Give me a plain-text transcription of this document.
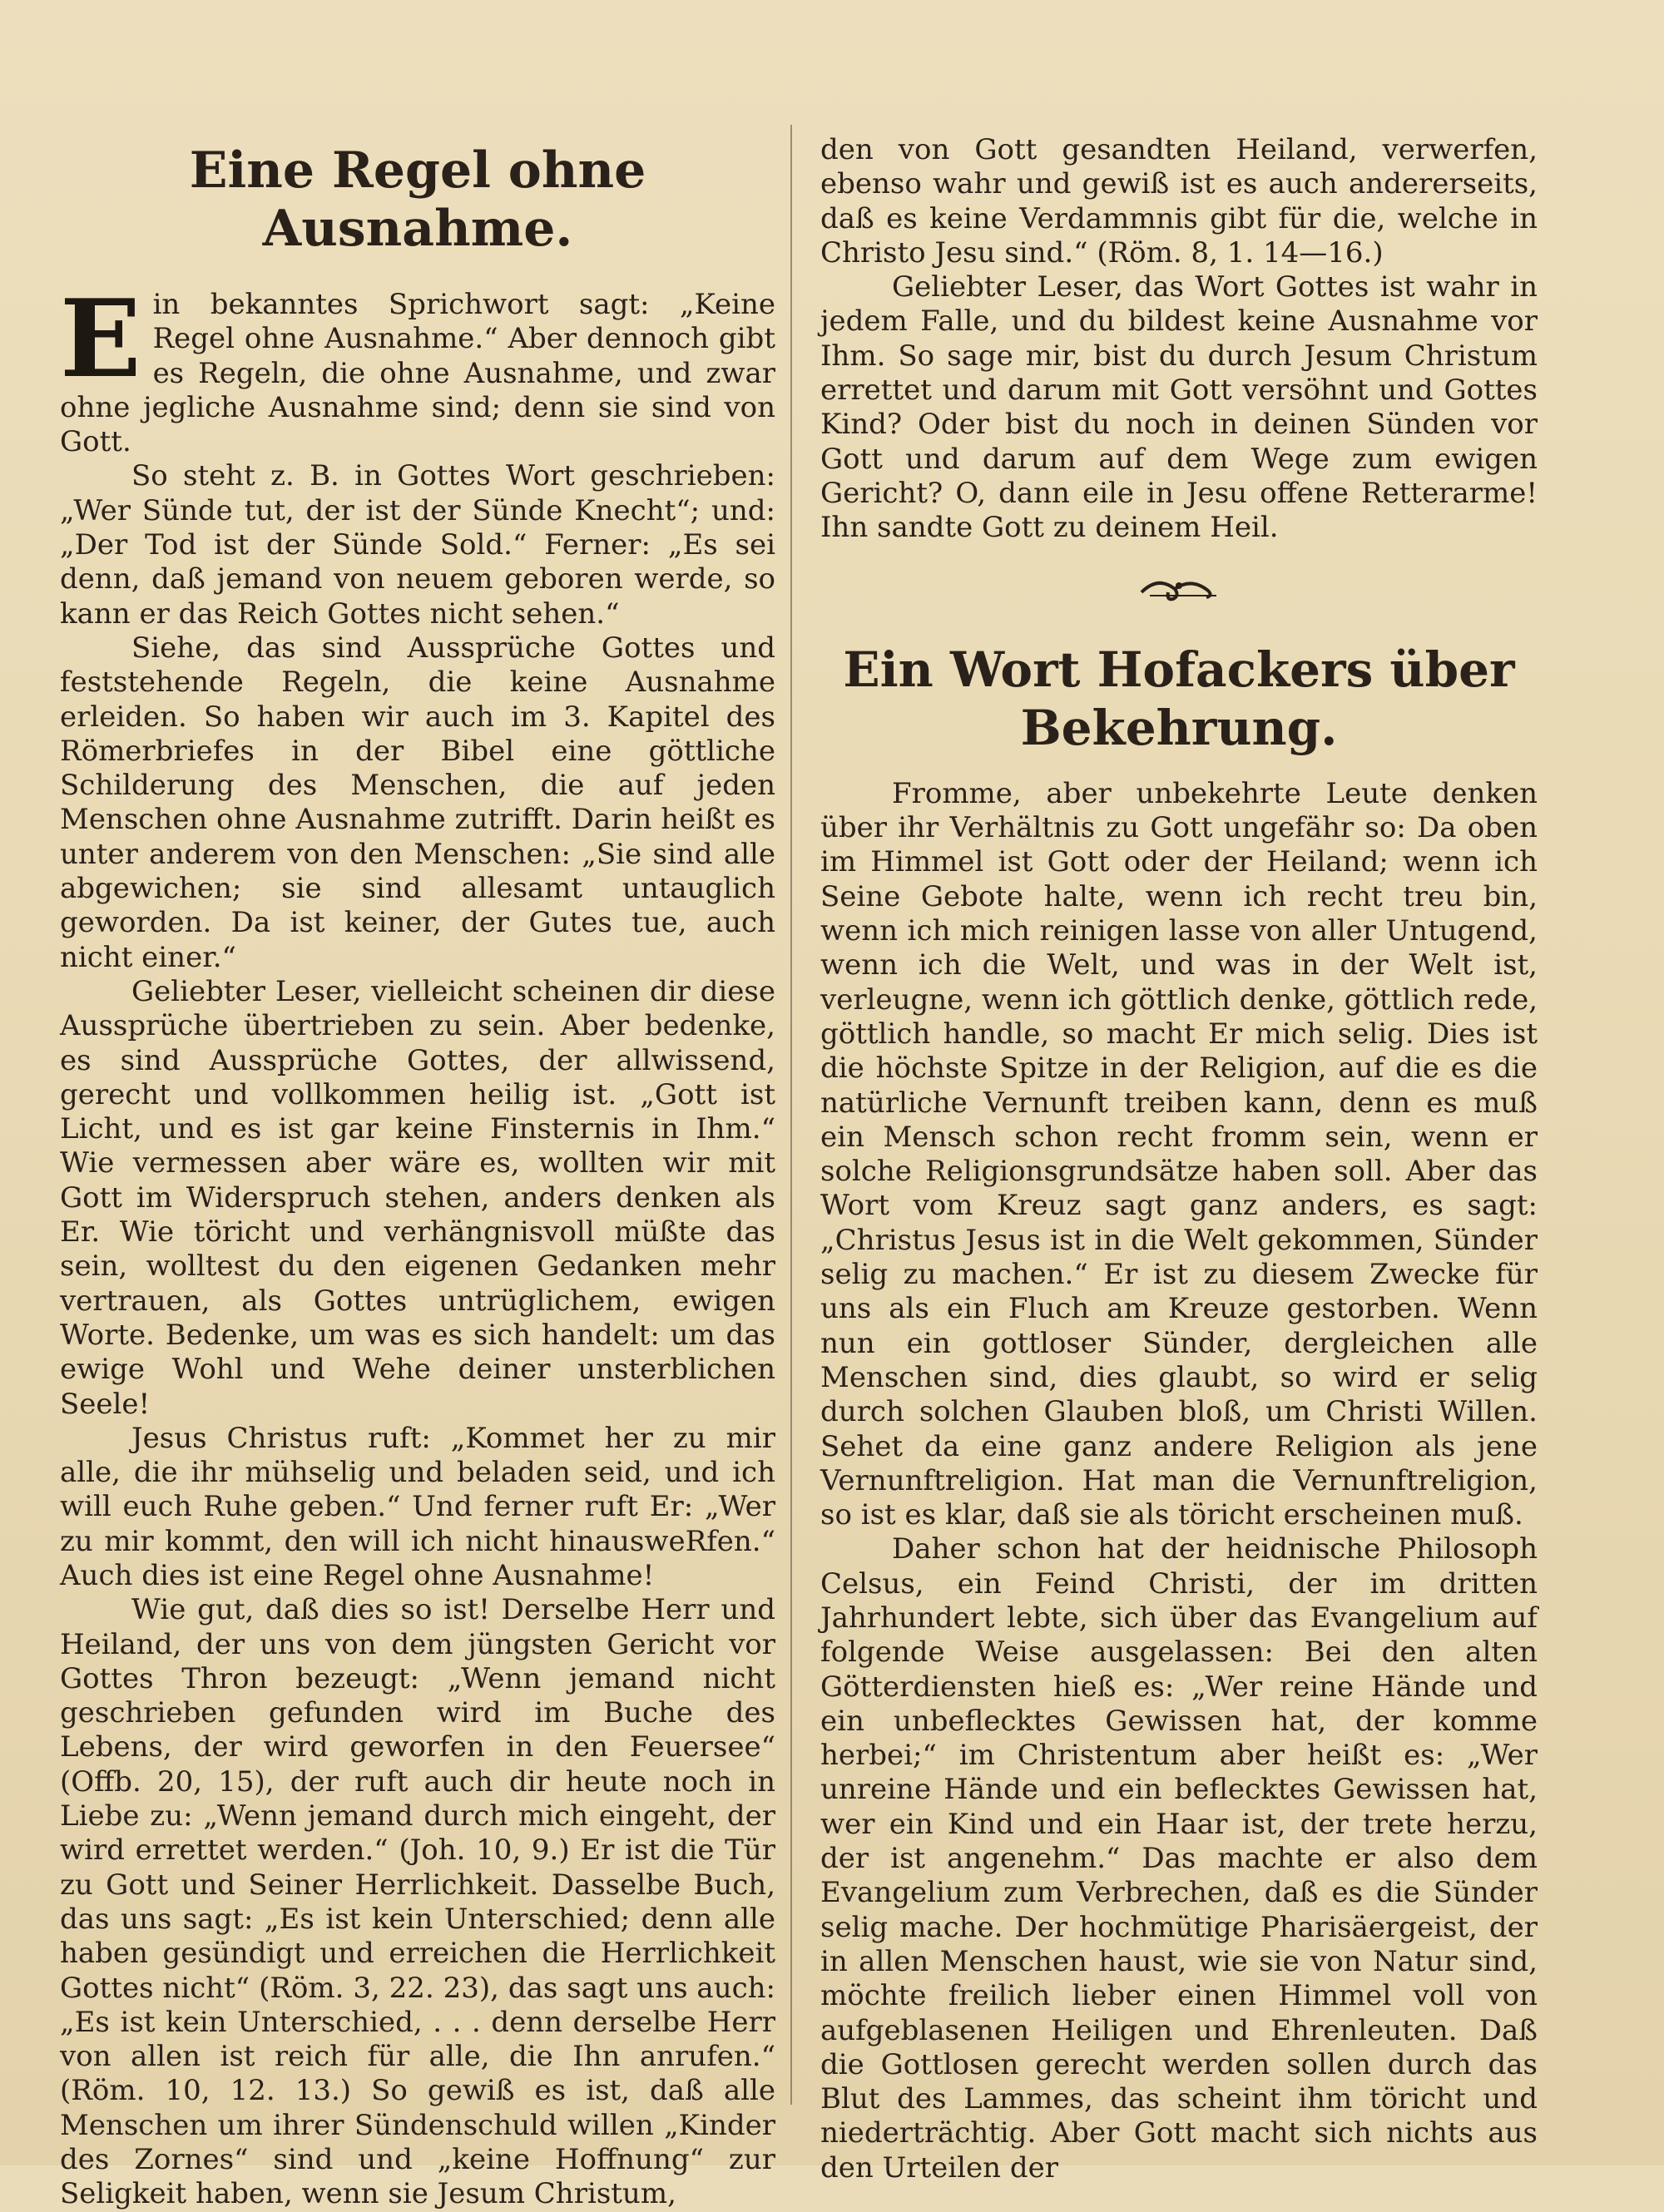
Eine Regel ohne Ausnahme.

Ein bekanntes Sprichwort sagt: „Keine Regel ohne Ausnahme.“ Aber dennoch gibt es Regeln, die ohne Ausnahme, und zwar ohne jegliche Ausnahme sind; denn sie sind von Gott.

So steht z. B. in Gottes Wort geschrieben: „Wer Sünde tut, der ist der Sünde Knecht“; und: „Der Tod ist der Sünde Sold.“ Ferner: „Es sei denn, daß jemand von neuem geboren werde, so kann er das Reich Gottes nicht sehen.“

Siehe, das sind Aussprüche Gottes und feststehende Regeln, die keine Ausnahme erleiden. So haben wir auch im 3. Kapitel des Römerbriefes in der Bibel eine göttliche Schilderung des Menschen, die auf jeden Menschen ohne Ausnahme zutrifft. Darin heißt es unter anderem von den Menschen: „Sie sind alle abgewichen; sie sind allesamt untauglich geworden. Da ist keiner, der Gutes tue, auch nicht einer.“

Geliebter Leser, vielleicht scheinen dir diese Aussprüche übertrieben zu sein. Aber bedenke, es sind Aussprüche Gottes, der allwissend, gerecht und vollkommen heilig ist. „Gott ist Licht, und es ist gar keine Finsternis in Ihm.“ Wie vermessen aber wäre es, wollten wir mit Gott im Widerspruch stehen, anders denken als Er. Wie töricht und verhängnisvoll müßte das sein, wolltest du den eigenen Gedanken mehr vertrauen, als Gottes untrüglichem, ewigen Worte. Bedenke, um was es sich handelt: um das ewige Wohl und Wehe deiner unsterblichen Seele!

Jesus Christus ruft: „Kommet her zu mir alle, die ihr mühselig und beladen seid, und ich will euch Ruhe geben.“ Und ferner ruft Er: „Wer zu mir kommt, den will ich nicht hinausweRfen.“ Auch dies ist eine Regel ohne Ausnahme!

Wie gut, daß dies so ist! Derselbe Herr und Heiland, der uns von dem jüngsten Gericht vor Gottes Thron bezeugt: „Wenn jemand nicht geschrieben gefunden wird im Buche des Lebens, der wird geworfen in den Feuersee“ (Offb. 20, 15), der ruft auch dir heute noch in Liebe zu: „Wenn jemand durch mich eingeht, der wird errettet werden.“ (Joh. 10, 9.) Er ist die Tür zu Gott und Seiner Herrlichkeit. Dasselbe Buch, das uns sagt: „Es ist kein Unterschied; denn alle haben gesündigt und erreichen die Herrlichkeit Gottes nicht“ (Röm. 3, 22. 23), das sagt uns auch: „Es ist kein Unterschied, . . . denn derselbe Herr von allen ist reich für alle, die Ihn anrufen.“ (Röm. 10, 12. 13.) So gewiß es ist, daß alle Menschen um ihrer Sündenschuld willen „Kinder des Zornes“ sind und „keine Hoffnung“ zur Seligkeit haben, wenn sie Jesum Christum,

den von Gott gesandten Heiland, verwerfen, ebenso wahr und gewiß ist es auch andererseits, daß es keine Verdammnis gibt für die, welche in Christo Jesu sind.“ (Röm. 8, 1. 14—16.)

Geliebter Leser, das Wort Gottes ist wahr in jedem Falle, und du bildest keine Ausnahme vor Ihm. So sage mir, bist du durch Jesum Christum errettet und darum mit Gott versöhnt und Gottes Kind? Oder bist du noch in deinen Sünden vor Gott und darum auf dem Wege zum ewigen Gericht? O, dann eile in Jesu offene Retterarme! Ihn sandte Gott zu deinem Heil.

Ein Wort Hofackers über Bekehrung.

Fromme, aber unbekehrte Leute denken über ihr Verhältnis zu Gott ungefähr so: Da oben im Himmel ist Gott oder der Heiland; wenn ich Seine Gebote halte, wenn ich recht treu bin, wenn ich mich reinigen lasse von aller Untugend, wenn ich die Welt, und was in der Welt ist, verleugne, wenn ich göttlich denke, göttlich rede, göttlich handle, so macht Er mich selig. Dies ist die höchste Spitze in der Religion, auf die es die natürliche Vernunft treiben kann, denn es muß ein Mensch schon recht fromm sein, wenn er solche Religionsgrundsätze haben soll. Aber das Wort vom Kreuz sagt ganz anders, es sagt: „Christus Jesus ist in die Welt gekommen, Sünder selig zu machen.“ Er ist zu diesem Zwecke für uns als ein Fluch am Kreuze gestorben. Wenn nun ein gottloser Sünder, dergleichen alle Menschen sind, dies glaubt, so wird er selig durch solchen Glauben bloß, um Christi Willen. Sehet da eine ganz andere Religion als jene Vernunftreligion. Hat man die Vernunftreligion, so ist es klar, daß sie als töricht erscheinen muß.

Daher schon hat der heidnische Philosoph Celsus, ein Feind Christi, der im dritten Jahrhundert lebte, sich über das Evangelium auf folgende Weise ausgelassen: Bei den alten Götterdiensten hieß es: „Wer reine Hände und ein unbeflecktes Gewissen hat, der komme herbei;“ im Christentum aber heißt es: „Wer unreine Hände und ein beflecktes Gewissen hat, wer ein Kind und ein Haar ist, der trete herzu, der ist angenehm.“ Das machte er also dem Evangelium zum Verbrechen, daß es die Sünder selig mache. Der hochmütige Pharisäergeist, der in allen Menschen haust, wie sie von Natur sind, möchte freilich lieber einen Himmel voll von aufgeblasenen Heiligen und Ehrenleuten. Daß die Gottlosen gerecht werden sollen durch das Blut des Lammes, das scheint ihm töricht und niederträchtig. Aber Gott macht sich nichts aus den Urteilen der
